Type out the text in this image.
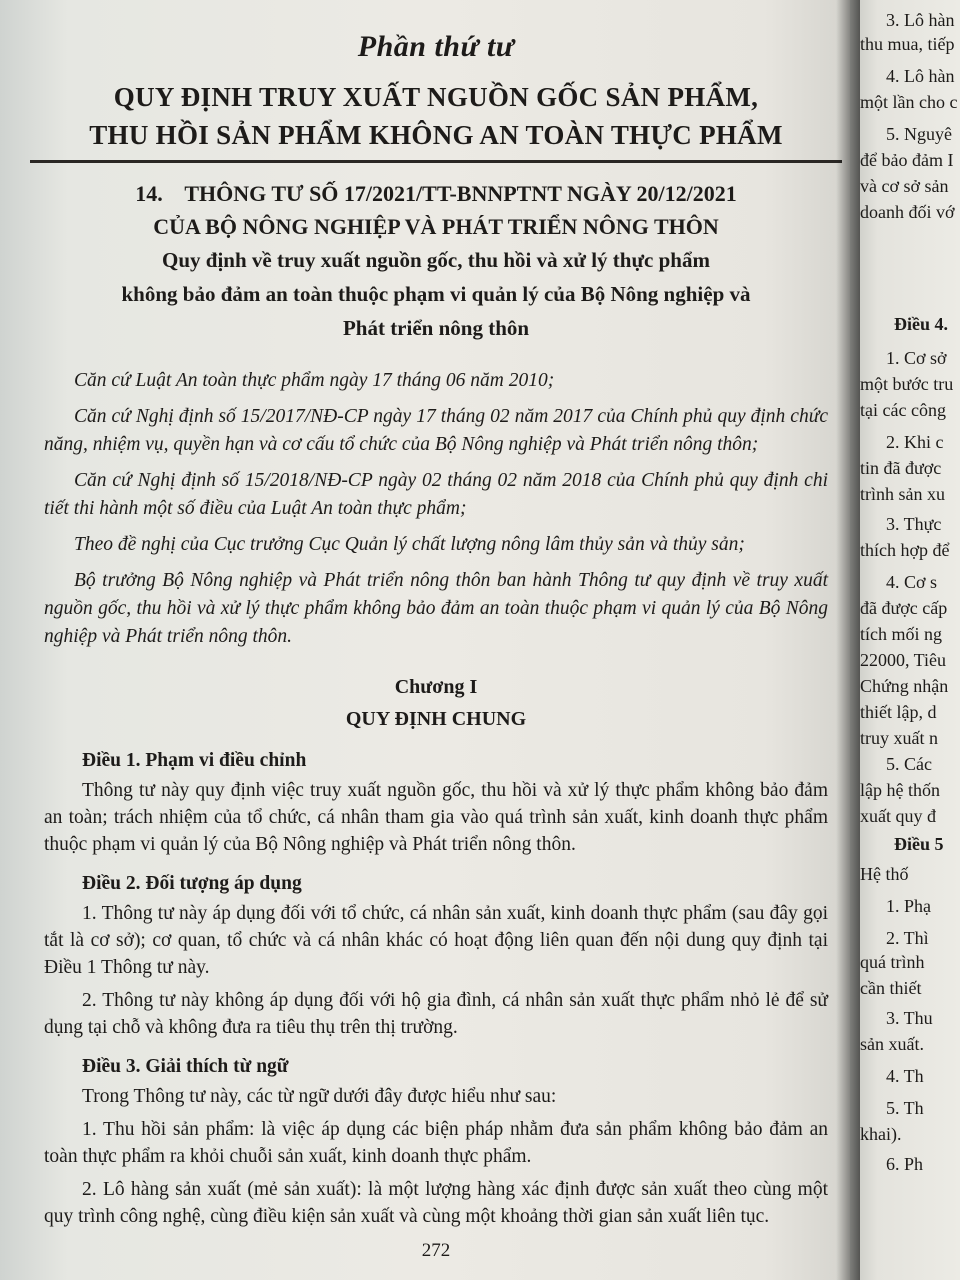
Phần thứ tư
QUY ĐỊNH TRUY XUẤT NGUỒN GỐC SẢN PHẨM,
THU HỒI SẢN PHẨM KHÔNG AN TOÀN THỰC PHẨM
14.    THÔNG TƯ SỐ 17/2021/TT-BNNPTNT NGÀY 20/12/2021
CỦA BỘ NÔNG NGHIỆP VÀ PHÁT TRIỂN NÔNG THÔN
Quy định về truy xuất nguồn gốc, thu hồi và xử lý thực phẩm
không bảo đảm an toàn thuộc phạm vi quản lý của Bộ Nông nghiệp và
Phát triển nông thôn

Căn cứ Luật An toàn thực phẩm ngày 17 tháng 06 năm 2010;

Căn cứ Nghị định số 15/2017/NĐ-CP ngày 17 tháng 02 năm 2017 của Chính phủ quy định chức năng, nhiệm vụ, quyền hạn và cơ cấu tổ chức của Bộ Nông nghiệp và Phát triển nông thôn;

Căn cứ Nghị định số 15/2018/NĐ-CP ngày 02 tháng 02 năm 2018 của Chính phủ quy định chi tiết thi hành một số điều của Luật An toàn thực phẩm;

Theo đề nghị của Cục trưởng Cục Quản lý chất lượng nông lâm thủy sản và thủy sản;

Bộ trưởng Bộ Nông nghiệp và Phát triển nông thôn ban hành Thông tư quy định về truy xuất nguồn gốc, thu hồi và xử lý thực phẩm không bảo đảm an toàn thuộc phạm vi quản lý của Bộ Nông nghiệp và Phát triển nông thôn.

Chương I
QUY ĐỊNH CHUNG
Điều 1. Phạm vi điều chỉnh

Thông tư này quy định việc truy xuất nguồn gốc, thu hồi và xử lý thực phẩm không bảo đảm an toàn; trách nhiệm của tổ chức, cá nhân tham gia vào quá trình sản xuất, kinh doanh thực phẩm thuộc phạm vi quản lý của Bộ Nông nghiệp và Phát triển nông thôn.

Điều 2. Đối tượng áp dụng

1. Thông tư này áp dụng đối với tổ chức, cá nhân sản xuất, kinh doanh thực phẩm (sau đây gọi tắt là cơ sở); cơ quan, tổ chức và cá nhân khác có hoạt động liên quan đến nội dung quy định tại Điều 1 Thông tư này.

2. Thông tư này không áp dụng đối với hộ gia đình, cá nhân sản xuất thực phẩm nhỏ lẻ để sử dụng tại chỗ và không đưa ra tiêu thụ trên thị trường.

Điều 3. Giải thích từ ngữ

Trong Thông tư này, các từ ngữ dưới đây được hiểu như sau:

1. Thu hồi sản phẩm: là việc áp dụng các biện pháp nhằm đưa sản phẩm không bảo đảm an toàn thực phẩm ra khỏi chuỗi sản xuất, kinh doanh thực phẩm.

2. Lô hàng sản xuất (mẻ sản xuất): là một lượng hàng xác định được sản xuất theo cùng một quy trình công nghệ, cùng điều kiện sản xuất và cùng một khoảng thời gian sản xuất liên tục.

272
3. Lô hàn
thu mua, tiếp
4. Lô hàn
một lần cho c
5. Nguyê
để bảo đảm I
và cơ sở sản
doanh đối vớ
Điều 4.
1. Cơ sở
một bước tru
tại các công
2. Khi c
tin đã được
trình sản xu
3. Thực
thích hợp để
4. Cơ s
đã được cấp
tích mối ng
22000, Tiêu
Chứng nhận
thiết lập, d
truy xuất n
5. Các
lập hệ thốn
xuất quy đ
Điều 5
Hệ thố
1. Phạ
2. Thì
quá trình
cần thiết
3. Thu
sản xuất.
4. Th
5. Th
khai).
6. Ph
